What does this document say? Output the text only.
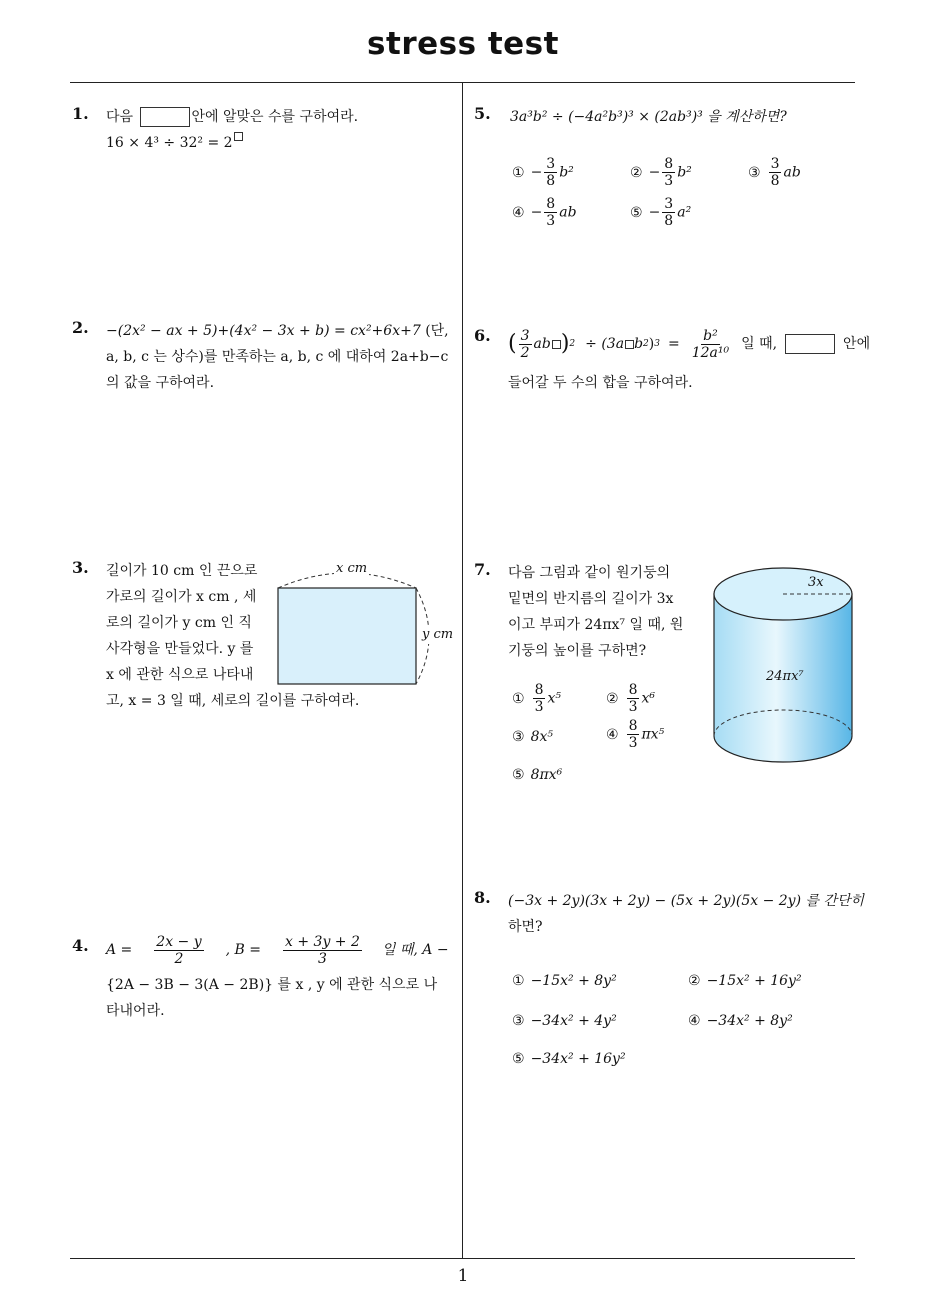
stress test
1
1. 다음	안에 알맞은 수를 구하여라.
16 × 4³ ÷ 32² = 2
2. −(2x² − ax + 5)+(4x² − 3x + b) = cx²+6x+7 (단,
a, b, c 는 상수)를 만족하는 a, b, c 에 대하여 2a+b−c
의 값을 구하여라.
3. 길이가 10 cm 인 끈으로
가로의 길이가 x cm , 세
로의 길이가 y cm 인 직
사각형을 만들었다. y 를
x 에 관한 식으로 나타내
고, x = 3 일 때, 세로의 길이를 구하여라.
x cm
y cm
4. $A = \frac{2x - y}{2}$ , $B = \frac{x + 3y + 2}{3}$ 일 때, A −
{2A − 3B − 3(A − 2B)} 를 x , y 에 관한 식으로 나
타내어라.
5. 3a³b² ÷ (−4a²b³)³ × (2ab³)³ 을 계산하면?
① − $\frac{3}{8} b^2$	② − $\frac{8}{3} b^2$	③ $\frac{3}{8}$ ab
④ − $\frac{8}{3}$ ab	⑤ − $\frac{3}{8} a^2$
6. ( $\frac{3}{2}$ ab ) 2 ÷ (3a b 2 ) $3 = \frac{\text{b²}}{\text{12a¹⁰}}$ 일 때,	안에
들어갈 두 수의 합을 구하여라.
7. 다음 그림과 같이 원기둥의
밑면의 반지름의 길이가 3x
이고 부피가 24πx⁷ 일 때, 원
기둥의 높이를 구하면?
3x
24πx⁷
① $\frac{8}{3} x^5$	② $\frac{8}{3} x^6$
③ 8x⁵	④ $\frac{8}{3} \pi x^5$
⑤ 8πx⁶
8. (−3x + 2y)(3x + 2y) − (5x + 2y)(5x − 2y) 를 간단히
하면?
① −15x² + 8y²	② −15x² + 16y²
③ −34x² + 4y²	④ −34x² + 8y²
⑤ −34x² + 16y²
